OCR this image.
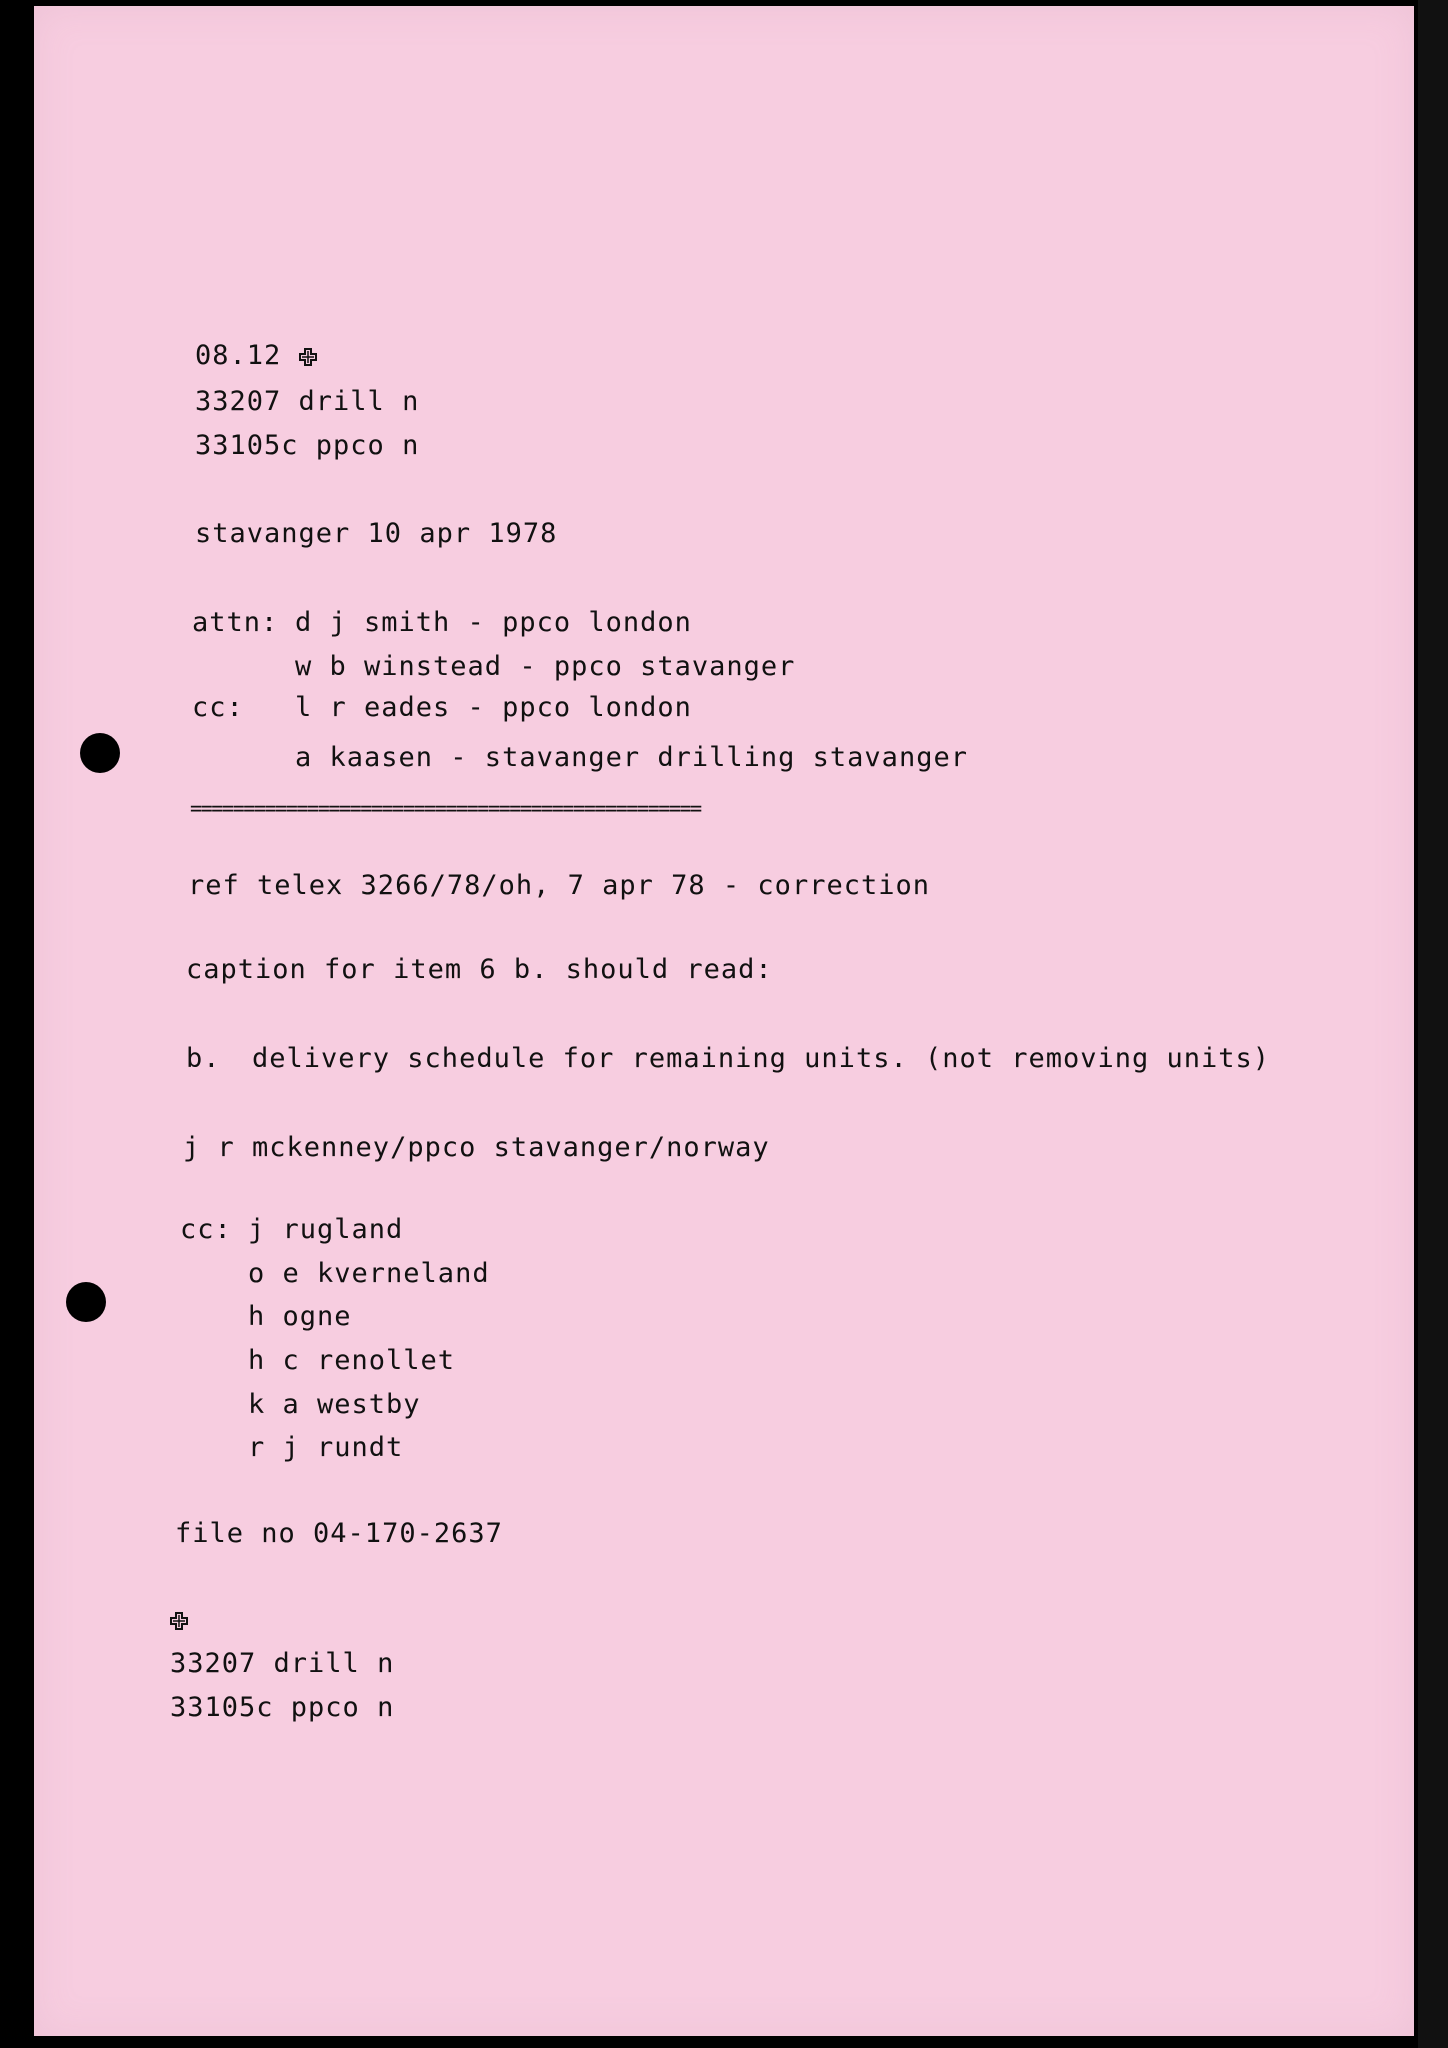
08.12
33207 drill n
33105c ppco n
stavanger 10 apr 1978
attn: d j smith - ppco london
w b winstead - ppco stavanger
cc: l r eades - ppco london
a kaasen - stavanger drilling stavanger
================================================
ref telex 3266/78/oh, 7 apr 78 - correction
caption for item 6 b. should read:
b. delivery schedule for remaining units. (not removing units)
j r mckenney/ppco stavanger/norway
cc: j rugland
o e kverneland
h ogne
h c renollet
k a westby
r j rundt
file no 04-170-2637
33207 drill n
33105c ppco n
